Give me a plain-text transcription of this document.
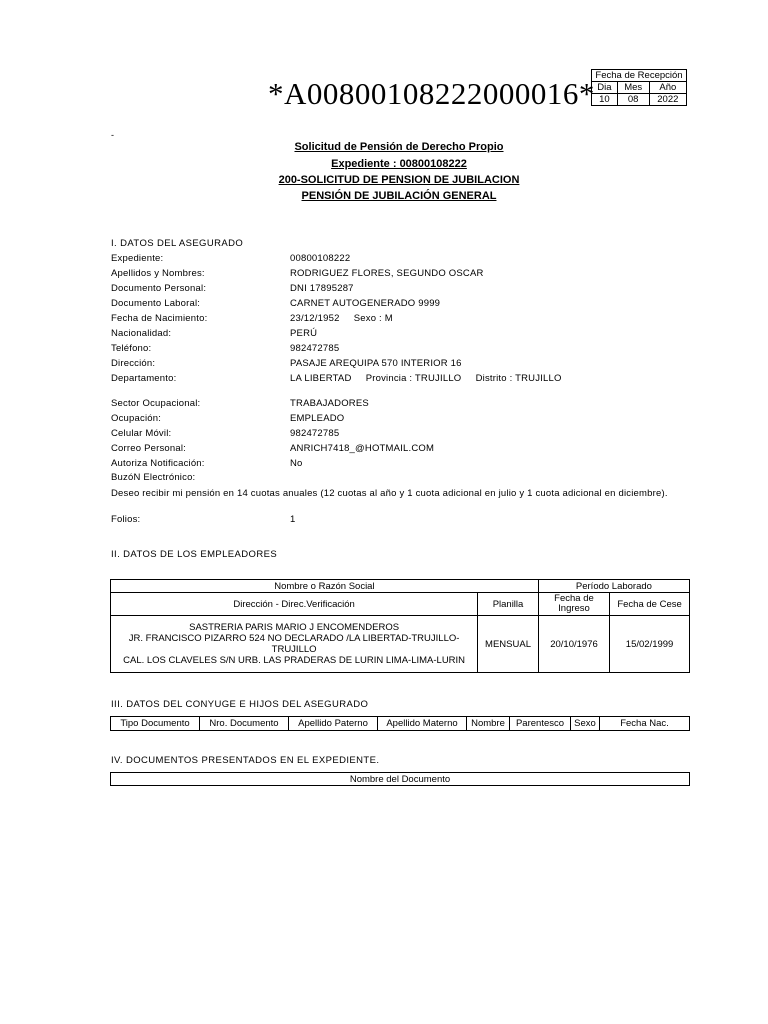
*A00800108222000016*
Fecha de Recepción		
Dia	Mes	Año
10	08	2022
-
Solicitud de Pensión de Derecho Propio
Expediente : 00800108222
200-SOLICITUD DE PENSION DE JUBILACION
PENSIÓN DE JUBILACIÓN GENERAL
I. DATOS DEL ASEGURADO
Expediente:	00800108222
Apellidos y Nombres:	RODRIGUEZ FLORES, SEGUNDO OSCAR
Documento Personal:	DNI 17895287
Documento Laboral:	CARNET AUTOGENERADO 9999
Fecha de Nacimiento:	23/12/1952     Sexo : M
Nacionalidad:	PERÚ
Teléfono:	982472785
Dirección:	PASAJE AREQUIPA 570 INTERIOR 16
Departamento:	LA LIBERTAD     Provincia : TRUJILLO     Distrito : TRUJILLO
Sector Ocupacional:	TRABAJADORES
Ocupación:	EMPLEADO
Celular Móvil:	982472785
Correo Personal:	ANRICH7418_@HOTMAIL.COM
Autoriza Notificación:	No
BuzóN Electrónico:
Deseo recibir mi pensión en 14 cuotas anuales (12 cuotas al año y 1 cuota adicional en julio y 1 cuota adicional en diciembre).
Folios:	1
II. DATOS DE LOS EMPLEADORES
Nombre o Razón Social		Período Laborado	
Dirección - Direc.Verificación	Planilla	Fecha de Ingreso	Fecha de Cese

SASTRERIA PARIS MARIO J ENCOMENDEROS
JR. FRANCISCO PIZARRO 524 NO DECLARADO /LA LIBERTAD-TRUJILLO-TRUJILLO
CAL. LOS CLAVELES S/N URB. LAS PRADERAS DE LURIN LIMA-LIMA-LURIN	MENSUAL	20/10/1976	15/02/1999
III. DATOS DEL CONYUGE E HIJOS DEL ASEGURADO
Tipo Documento	Nro. Documento	Apellido Paterno	Apellido Materno	Nombre	Parentesco	Sexo	Fecha Nac.
IV. DOCUMENTOS PRESENTADOS EN EL EXPEDIENTE.
Nombre del Documento
